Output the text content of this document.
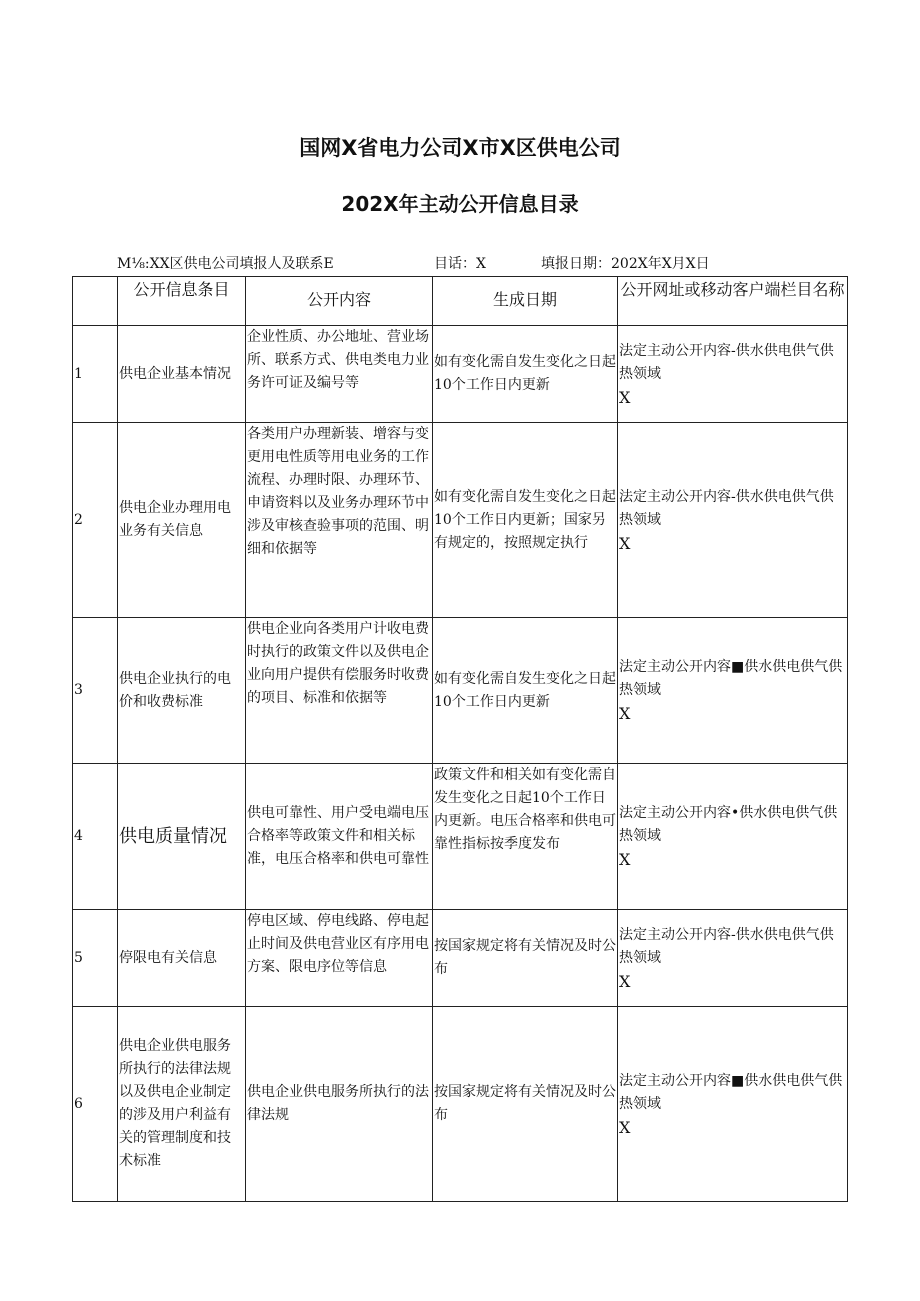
国网X省电力公司X市X区供电公司
202X年主动公开信息目录
M⅛:XX区供电公司填报人及联系E	目话：X	填报日期：202X年X月X日
	公开信息条目	公开内容	生成日期	公开网址或移动客户端栏目名称
1	供电企业基本情况	企业性质、办公地址、营业场所、联系方式、供电类电力业务许可证及编号等	如有变化需自发生变化之日起10个工作日内更新	法定主动公开内容-供水供电供气供热领域
X

2	供电企业办理用电业务有关信息	各类用户办理新装、增容与变更用电性质等用电业务的工作流程、办理时限、办理环节、申请资料以及业务办理环节中涉及审核查验事项的范围、明细和依据等	如有变化需自发生变化之日起10个工作日内更新；国家另有规定的，按照规定执行	法定主动公开内容-供水供电供气供热领域
X

3	供电企业执行的电价和收费标准	供电企业向各类用户计收电费时执行的政策文件以及供电企业向用户提供有偿服务时收费的项目、标准和依据等	如有变化需自发生变化之日起10个工作日内更新	法定主动公开内容■供水供电供气供热领域
X

4	供电质量情况	供电可靠性、用户受电端电压合格率等政策文件和相关标准，电压合格率和供电可靠性	政策文件和相关如有变化需自发生变化之日起10个工作日内更新。电压合格率和供电可靠性指标按季度发布	法定主动公开内容•供水供电供气供热领域
X

5	停限电有关信息	停电区域、停电线路、停电起止时间及供电营业区有序用电方案、限电序位等信息	按国家规定将有关情况及时公布	法定主动公开内容-供水供电供气供热领域
X

6	供电企业供电服务所执行的法律法规以及供电企业制定的涉及用户利益有关的管理制度和技术标准	供电企业供电服务所执行的法律法规	按国家规定将有关情况及时公布	法定主动公开内容■供水供电供气供热领域
X
